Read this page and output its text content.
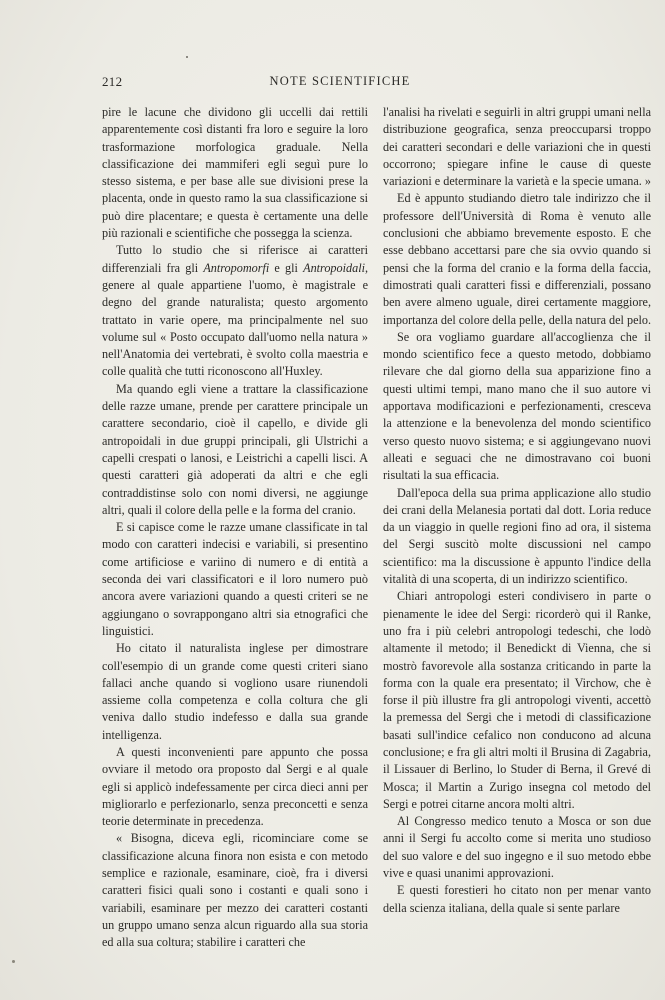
212	NOTE SCIENTIFICHE

pire le lacune che dividono gli uccelli dai rettili apparentemente così distanti fra loro e seguire la loro trasformazione morfologica graduale. Nella classificazione dei mammiferi egli seguì pure lo stesso sistema, e per base alle sue divisioni prese la placenta, onde in questo ramo la sua classificazione si può dire placentare; e questa è certamente una delle più razionali e scientifiche che possegga la scienza.

Tutto lo studio che si riferisce ai caratteri differenziali fra gli Antropomorfi e gli Antropoidali, genere al quale appartiene l'uomo, è magistrale e degno del grande naturalista; questo argomento trattato in varie opere, ma principalmente nel suo volume sul « Posto occupato dall'uomo nella natura » nell'Anatomia dei vertebrati, è svolto colla maestria e colle qualità che tutti riconoscono all'Huxley.

Ma quando egli viene a trattare la classificazione delle razze umane, prende per carattere principale un carattere secondario, cioè il capello, e divide gli antropoidali in due gruppi principali, gli Ulstrichi a capelli crespati o lanosi, e Leistrichi a capelli lisci. A questi caratteri già adoperati da altri e che egli contraddistinse solo con nomi diversi, ne aggiunge altri, quali il colore della pelle e la forma del cranio.

E si capisce come le razze umane classificate in tal modo con caratteri indecisi e variabili, si presentino come artificiose e variino di numero e di entità a seconda dei vari classificatori e il loro numero può ancora avere variazioni quando a questi criteri se ne aggiungano o sovrappongano altri sia etnografici che linguistici.

Ho citato il naturalista inglese per dimostrare coll'esempio di un grande come questi criteri siano fallaci anche quando si vogliono usare riunendoli assieme colla competenza e colla coltura che gli veniva dallo studio indefesso e dalla sua grande intelligenza.

A questi inconvenienti pare appunto che possa ovviare il metodo ora proposto dal Sergi e al quale egli si applicò indefessamente per circa dieci anni per migliorarlo e perfezionarlo, senza preconcetti e senza teorie determinate in precedenza.

« Bisogna, diceva egli, ricominciare come se classificazione alcuna finora non esista e con metodo semplice e razionale, esaminare, cioè, fra i diversi caratteri fisici quali sono i costanti e quali sono i variabili, esaminare per mezzo dei caratteri costanti un gruppo umano senza alcun riguardo alla sua storia ed alla sua coltura; stabilire i caratteri che

l'analisi ha rivelati e seguirli in altri gruppi umani nella distribuzione geografica, senza preoccuparsi troppo dei caratteri secondari e delle variazioni che in questi occorrono; spiegare infine le cause di queste variazioni e determinare la varietà e la specie umana. »

Ed è appunto studiando dietro tale indirizzo che il professore dell'Università di Roma è venuto alle conclusioni che abbiamo brevemente esposto. E che esse debbano accettarsi pare che sia ovvio quando si pensi che la forma del cranio e la forma della faccia, dimostrati quali caratteri fissi e differenziali, possano ben avere almeno uguale, direi certamente maggiore, importanza del colore della pelle, della natura del pelo.

Se ora vogliamo guardare all'accoglienza che il mondo scientifico fece a questo metodo, dobbiamo rilevare che dal giorno della sua apparizione fino a questi ultimi tempi, mano mano che il suo autore vi apportava modificazioni e perfezionamenti, cresceva la attenzione e la benevolenza del mondo scientifico verso questo nuovo sistema; e si aggiungevano nuovi alleati e seguaci che ne dimostravano coi buoni risultati la sua efficacia.

Dall'epoca della sua prima applicazione allo studio dei crani della Melanesia portati dal dott. Loria reduce da un viaggio in quelle regioni fino ad ora, il sistema del Sergi suscitò molte discussioni nel campo scientifico: ma la discussione è appunto l'indice della vitalità di una scoperta, di un indirizzo scientifico.

Chiari antropologi esteri condivisero in parte o pienamente le idee del Sergi: ricorderò qui il Ranke, uno fra i più celebri antropologi tedeschi, che lodò altamente il metodo; il Benedickt di Vienna, che si mostrò favorevole alla sostanza criticando in parte la forma con la quale era presentato; il Virchow, che è forse il più illustre fra gli antropologi viventi, accettò la premessa del Sergi che i metodi di classificazione basati sull'indice cefalico non conducono ad alcuna conclusione; e fra gli altri molti il Brusina di Zagabria, il Lissauer di Berlino, lo Studer di Berna, il Grevé di Mosca; il Martin a Zurigo insegna col metodo del Sergi e potrei citarne ancora molti altri.

Al Congresso medico tenuto a Mosca or son due anni il Sergi fu accolto come si merita uno studioso del suo valore e del suo ingegno e il suo metodo ebbe vive e quasi unanimi approvazioni.

E questi forestieri ho citato non per menar vanto della scienza italiana, della quale si sente parlare
